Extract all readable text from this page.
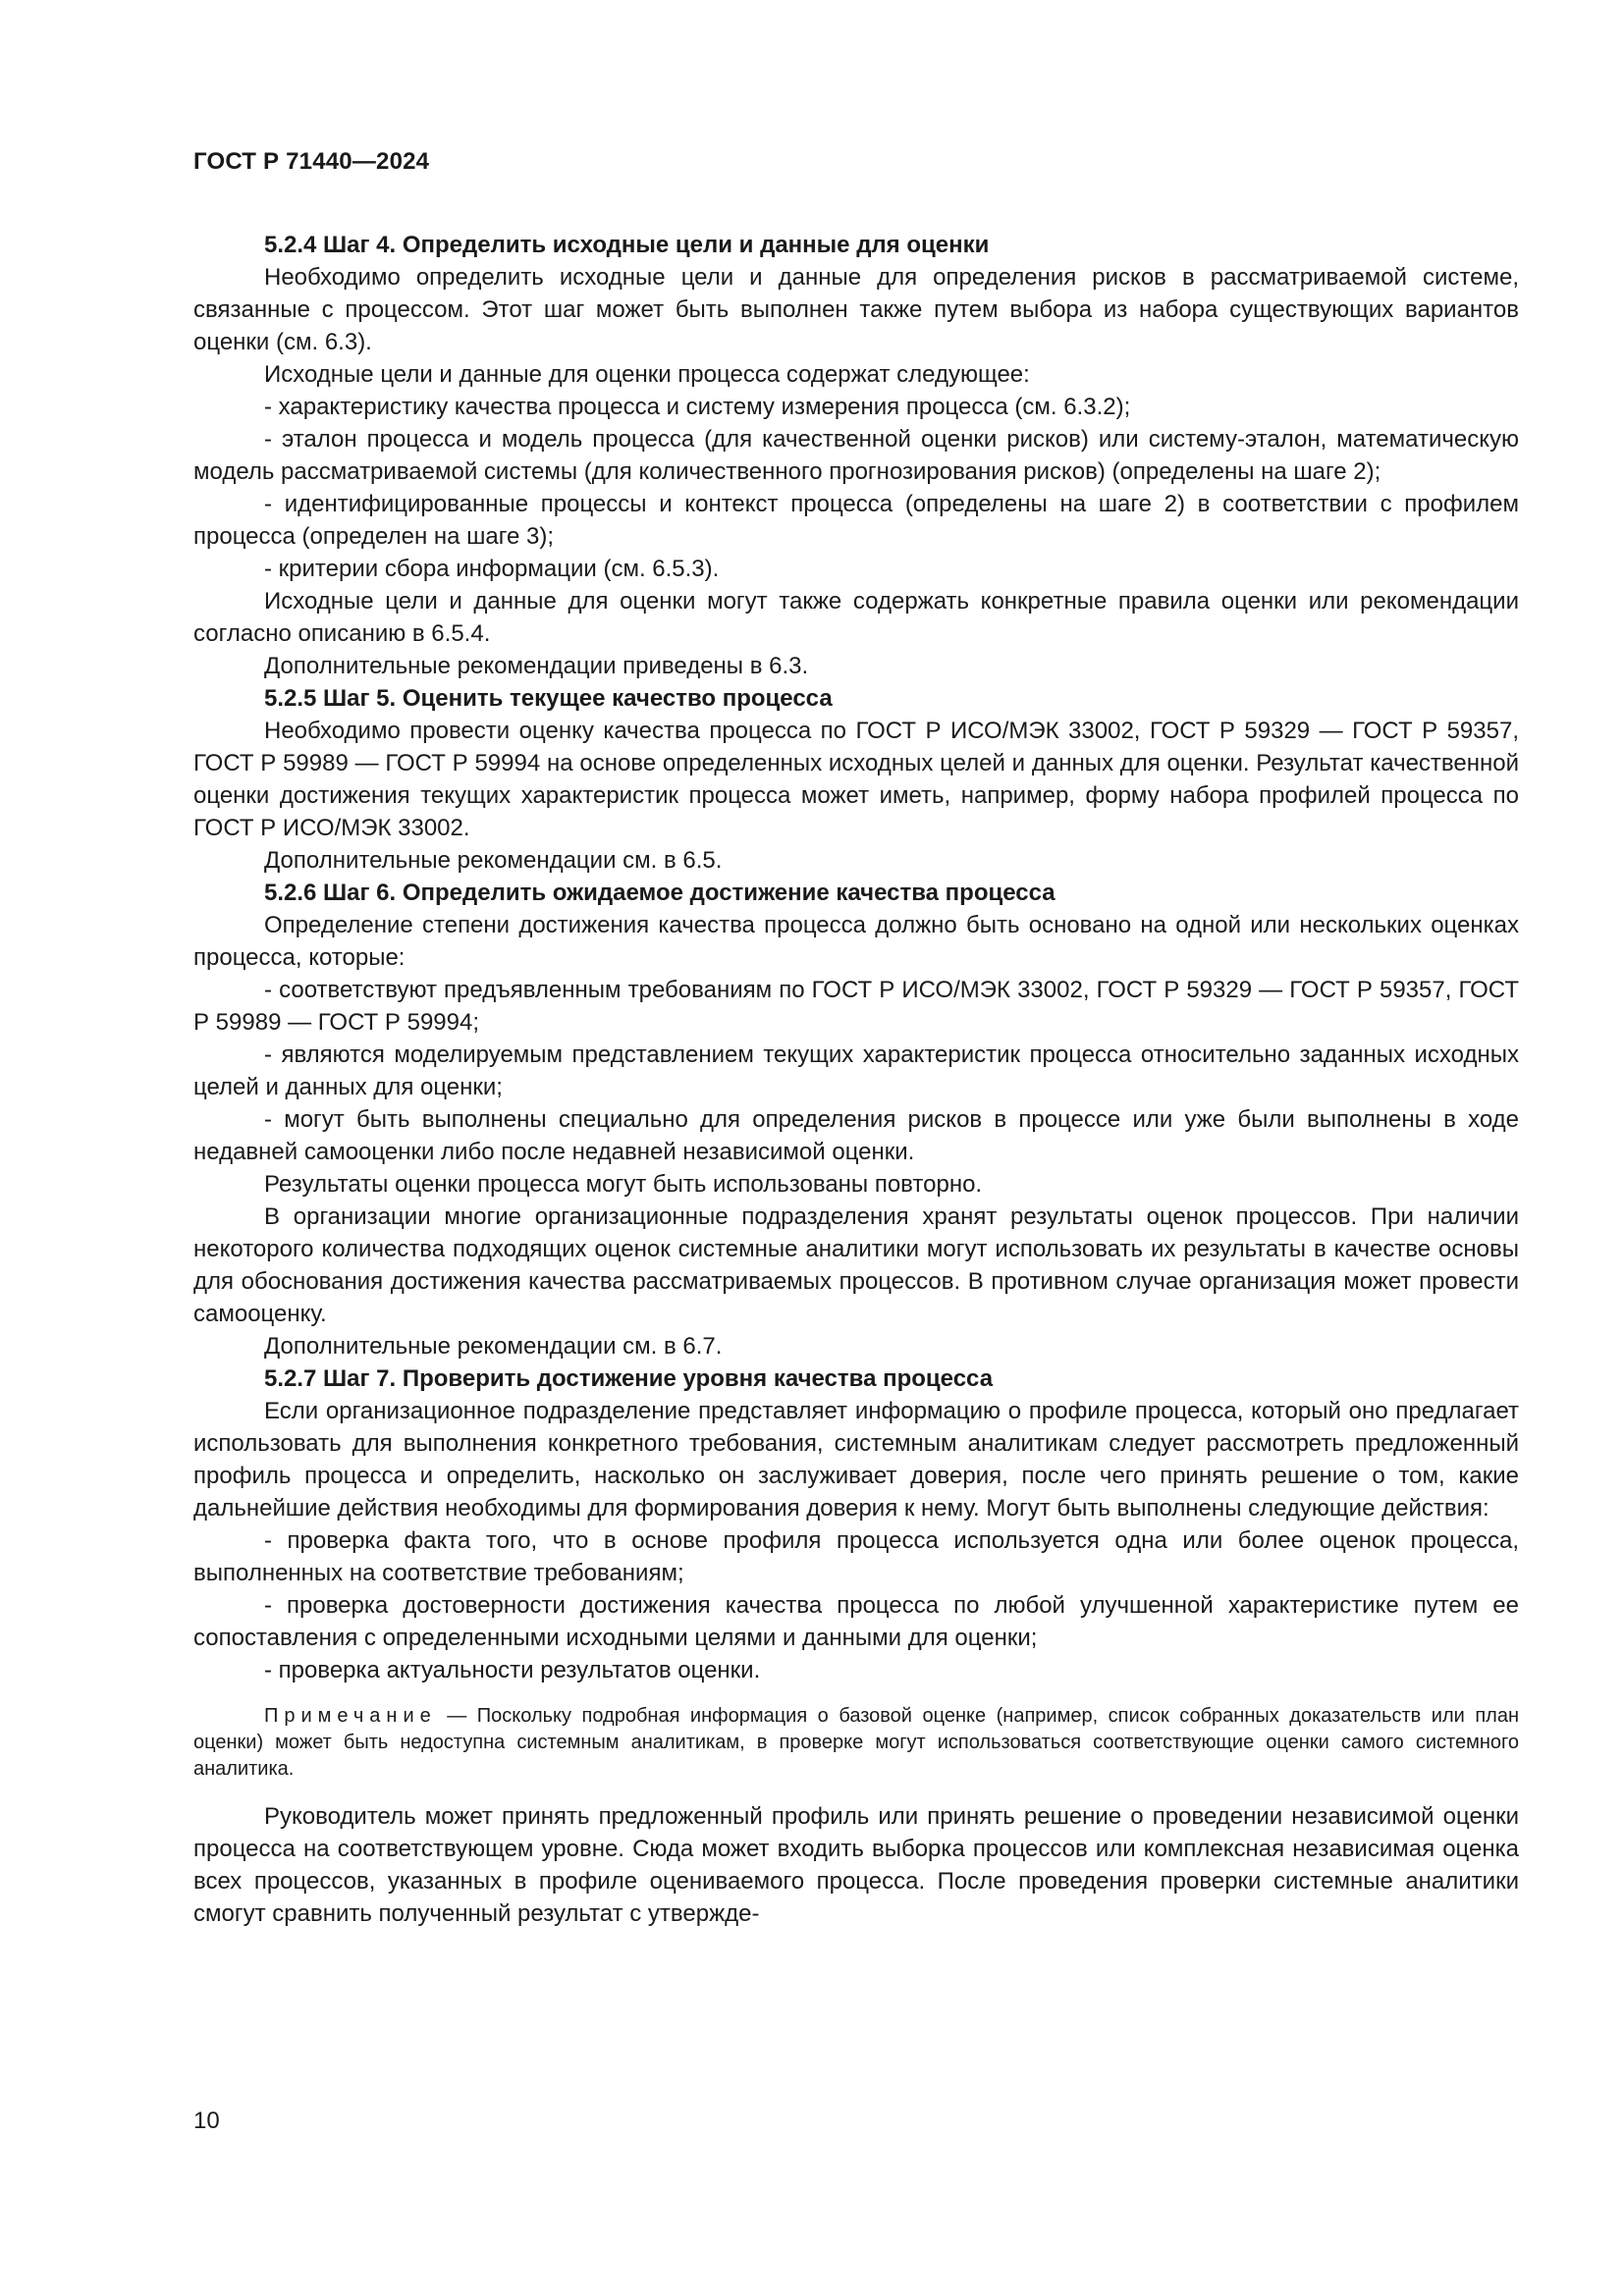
ГОСТ Р 71440—2024

5.2.4 Шаг 4. Определить исходные цели и данные для оценки

Необходимо определить исходные цели и данные для определения рисков в рассматриваемой системе, связанные с процессом. Этот шаг может быть выполнен также путем выбора из набора существующих вариантов оценки (см. 6.3).

Исходные цели и данные для оценки процесса содержат следующее:

- характеристику качества процесса и систему измерения процесса (см. 6.3.2);

- эталон процесса и модель процесса (для качественной оценки рисков) или систему-эталон, математическую модель рассматриваемой системы (для количественного прогнозирования рисков) (определены на шаге 2);

- идентифицированные процессы и контекст процесса (определены на шаге 2) в соответствии с профилем процесса (определен на шаге 3);

- критерии сбора информации (см. 6.5.3).

Исходные цели и данные для оценки могут также содержать конкретные правила оценки или рекомендации согласно описанию в 6.5.4.

Дополнительные рекомендации приведены в 6.3.

5.2.5 Шаг 5. Оценить текущее качество процесса

Необходимо провести оценку качества процесса по ГОСТ Р ИСО/МЭК 33002, ГОСТ Р 59329 — ГОСТ Р 59357, ГОСТ Р 59989 — ГОСТ Р 59994 на основе определенных исходных целей и данных для оценки. Результат качественной оценки достижения текущих характеристик процесса может иметь, например, форму набора профилей процесса по ГОСТ Р ИСО/МЭК 33002.

Дополнительные рекомендации см. в 6.5.

5.2.6 Шаг 6. Определить ожидаемое достижение качества процесса

Определение степени достижения качества процесса должно быть основано на одной или нескольких оценках процесса, которые:

- соответствуют предъявленным требованиям по ГОСТ Р ИСО/МЭК 33002, ГОСТ Р 59329 — ГОСТ Р 59357, ГОСТ Р 59989 — ГОСТ Р 59994;

- являются моделируемым представлением текущих характеристик процесса относительно заданных исходных целей и данных для оценки;

- могут быть выполнены специально для определения рисков в процессе или уже были выполнены в ходе недавней самооценки либо после недавней независимой оценки.

Результаты оценки процесса могут быть использованы повторно.

В организации многие организационные подразделения хранят результаты оценок процессов. При наличии некоторого количества подходящих оценок системные аналитики могут использовать их результаты в качестве основы для обоснования достижения качества рассматриваемых процессов. В противном случае организация может провести самооценку.

Дополнительные рекомендации см. в 6.7.

5.2.7 Шаг 7. Проверить достижение уровня качества процесса

Если организационное подразделение представляет информацию о профиле процесса, который оно предлагает использовать для выполнения конкретного требования, системным аналитикам следует рассмотреть предложенный профиль процесса и определить, насколько он заслуживает доверия, после чего принять решение о том, какие дальнейшие действия необходимы для формирования доверия к нему. Могут быть выполнены следующие действия:

- проверка факта того, что в основе профиля процесса используется одна или более оценок процесса, выполненных на соответствие требованиям;

- проверка достоверности достижения качества процесса по любой улучшенной характеристике путем ее сопоставления с определенными исходными целями и данными для оценки;

- проверка актуальности результатов оценки.

Примечание — Поскольку подробная информация о базовой оценке (например, список собранных доказательств или план оценки) может быть недоступна системным аналитикам, в проверке могут использоваться соответствующие оценки самого системного аналитика.

Руководитель может принять предложенный профиль или принять решение о проведении независимой оценки процесса на соответствующем уровне. Сюда может входить выборка процессов или комплексная независимая оценка всех процессов, указанных в профиле оцениваемого процесса. После проведения проверки системные аналитики смогут сравнить полученный результат с утвержде-

10
